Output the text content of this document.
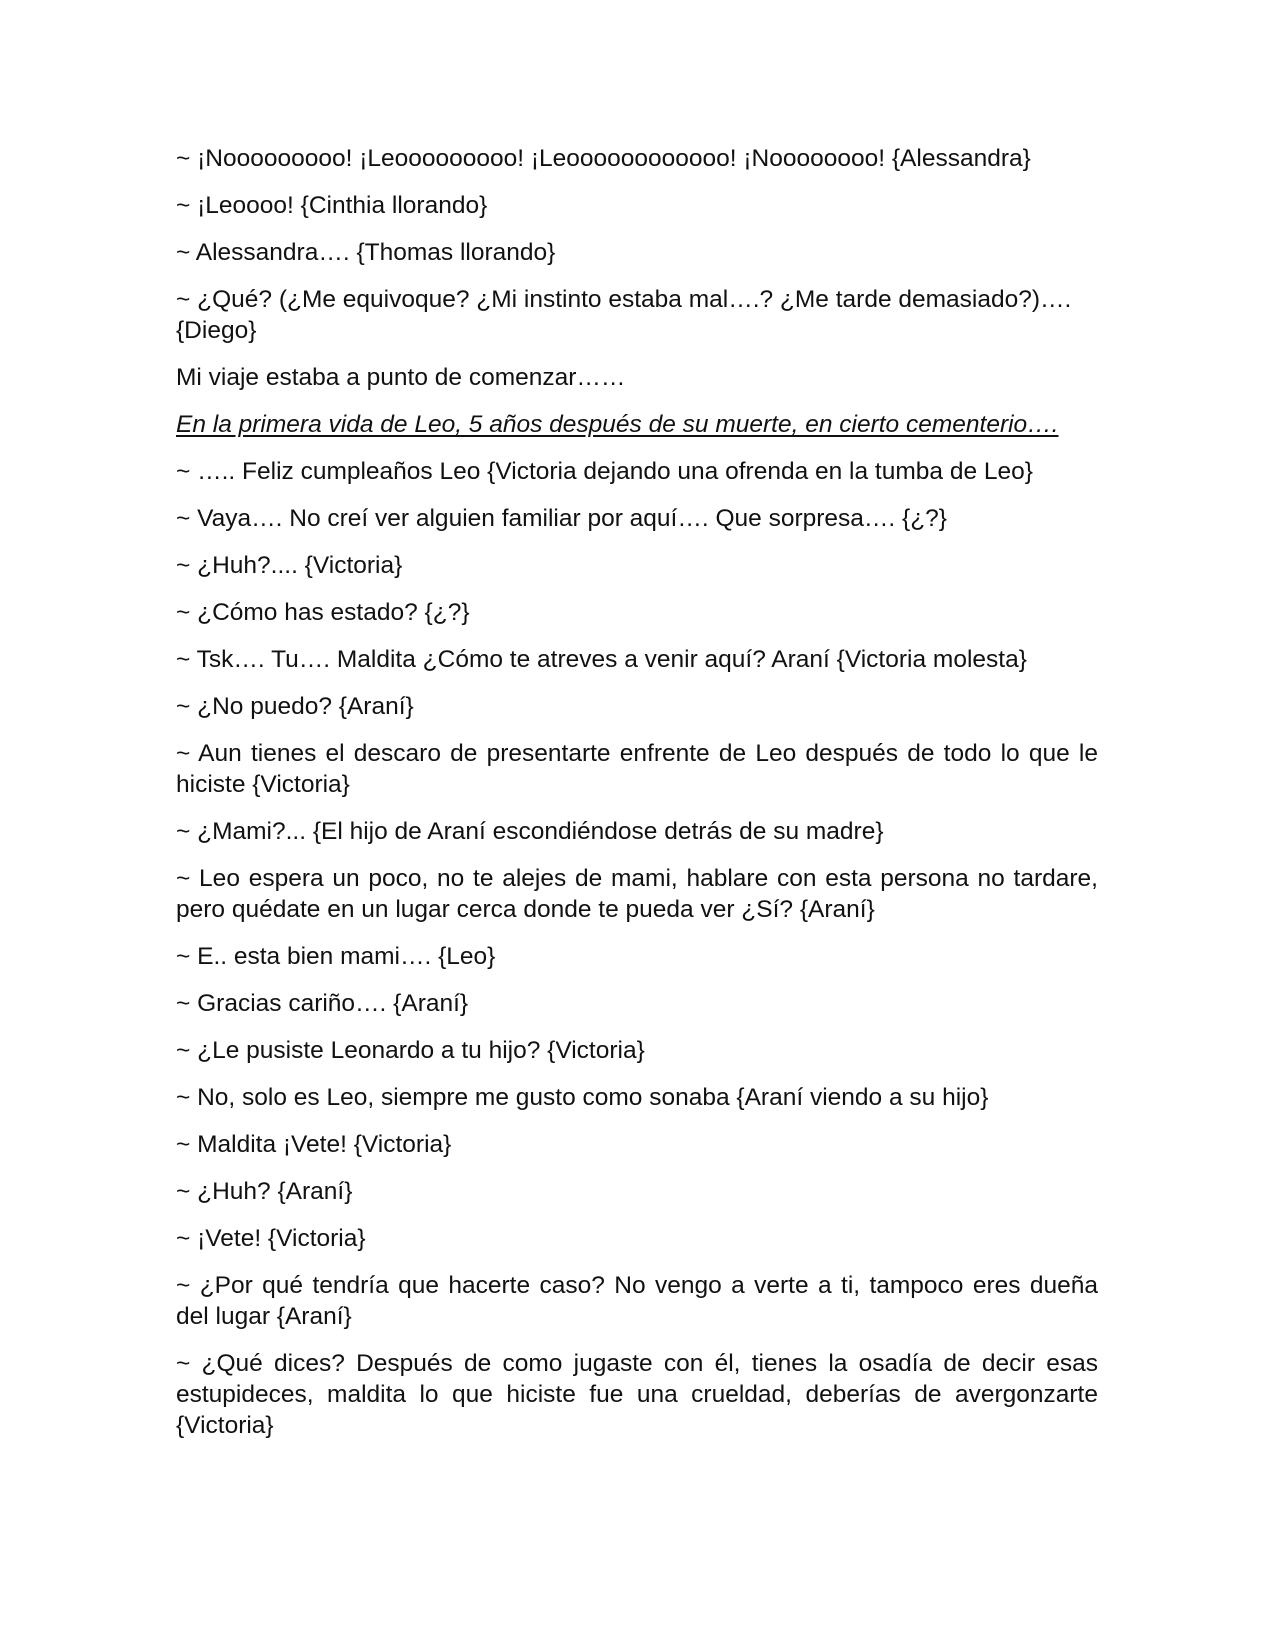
~ ¡Nooooooooo! ¡Leooooooooo! ¡Leoooooooooooo! ¡Noooooooo! {Alessandra}

~ ¡Leoooo! {Cinthia llorando}

~ Alessandra…. {Thomas llorando}

~ ¿Qué? (¿Me equivoque? ¿Mi instinto estaba mal….? ¿Me tarde demasiado?)…. {Diego}

Mi viaje estaba a punto de comenzar……

En la primera vida de Leo, 5 años después de su muerte, en cierto cementerio….

~ ….. Feliz cumpleaños Leo {Victoria dejando una ofrenda en la tumba de Leo}

~ Vaya…. No creí ver alguien familiar por aquí…. Que sorpresa…. {¿?}

~ ¿Huh?.... {Victoria}

~ ¿Cómo has estado? {¿?}

~ Tsk…. Tu…. Maldita ¿Cómo te atreves a venir aquí? Araní {Victoria molesta}

~ ¿No puedo? {Araní}

~ Aun tienes el descaro de presentarte enfrente de Leo después de todo lo que le hiciste {Victoria}

~ ¿Mami?... {El hijo de Araní escondiéndose detrás de su madre}

~ Leo espera un poco, no te alejes de mami, hablare con esta persona no tardare, pero quédate en un lugar cerca donde te pueda ver ¿Sí? {Araní}

~ E.. esta bien mami…. {Leo}

~ Gracias cariño…. {Araní}

~ ¿Le pusiste Leonardo a tu hijo? {Victoria}

~ No, solo es Leo, siempre me gusto como sonaba {Araní viendo a su hijo}

~ Maldita ¡Vete! {Victoria}

~ ¿Huh? {Araní}

~ ¡Vete! {Victoria}

~ ¿Por qué tendría que hacerte caso? No vengo a verte a ti, tampoco eres dueña del lugar {Araní}

~ ¿Qué dices? Después de como jugaste con él, tienes la osadía de decir esas estupideces, maldita lo que hiciste fue una crueldad, deberías de avergonzarte {Victoria}
